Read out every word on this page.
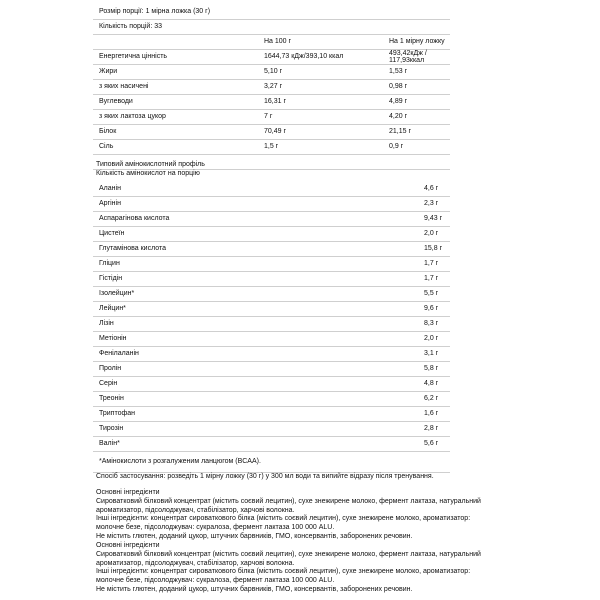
Розмір порції: 1 мірна ложка (30 г)		
Кількість порцій: 33		
	На 100 г	На 1 мірну ложку
Енергетична цінність	1644,73 кДж/393,10 ккал	493,42кДж / 117,93ккал
Жири	5,10 г	1,53 г
з яких насичені	3,27 г	0,98 г
Вуглеводи	16,31 г	4,89 г
з яких лактоза цукор	7 г	4,20 г
Білок	70,49 г	21,15 г
Сіль	1,5 г	0,9 г

Типовий амінокислотний профіль
Кількість амінокислот на порцію
Аланін	4,6 г
Аргінін	2,3 г
Аспарагінова кислота	9,43 г
Цистеїн	2,0 г
Глутамінова кислота	15,8 г
Гліцин	1,7 г
Гістідін	1,7 г
Ізолейцин*	5,5 г
Лейцин*	9,6 г
Лізін	8,3 г
Метіонін	2,0 г
Фенілаланін	3,1 г
Пролін	5,8 г
Серін	4,8 г
Треонін	6,2 г
Триптофан	1,6 г
Тирозін	2,8 г
Валін*	5,6 г
*Амінокислоти з розгалуженим ланцюгом (BCAA).	
Спосіб застосування: розведіть 1 мірну ложку (30 г) у 300 мл води та випийте відразу після тренування.
Основні інгредієнти
Сироватковий білковий концентрат (містить соєвий лецитин), сухе знежирене молоко, фермент лактаза, натуральний
ароматизатор, підсолоджувач, стабілізатор, харчові волокна.
Інші інгредієнти: концентрат сироваткового білка (містить соєвий лецитин), сухе знежирене молоко, ароматизатор:
молочне безе, підсолоджувач: сукралоза, фермент лактаза 100 000 ALU.
Не містить глютен, доданий цукор, штучних барвників, ГМО, консервантів, заборонених речовин.
Основні інгредієнти
Сироватковий білковий концентрат (містить соєвий лецитин), сухе знежирене молоко, фермент лактаза, натуральний
ароматизатор, підсолоджувач, стабілізатор, харчові волокна.
Інші інгредієнти: концентрат сироваткового білка (містить соєвий лецитин), сухе знежирене молоко, ароматизатор:
молочне безе, підсолоджувач: сукралоза, фермент лактаза 100 000 ALU.
Не містить глютен, доданий цукор, штучних барвників, ГМО, консервантів, заборонених речовин.
